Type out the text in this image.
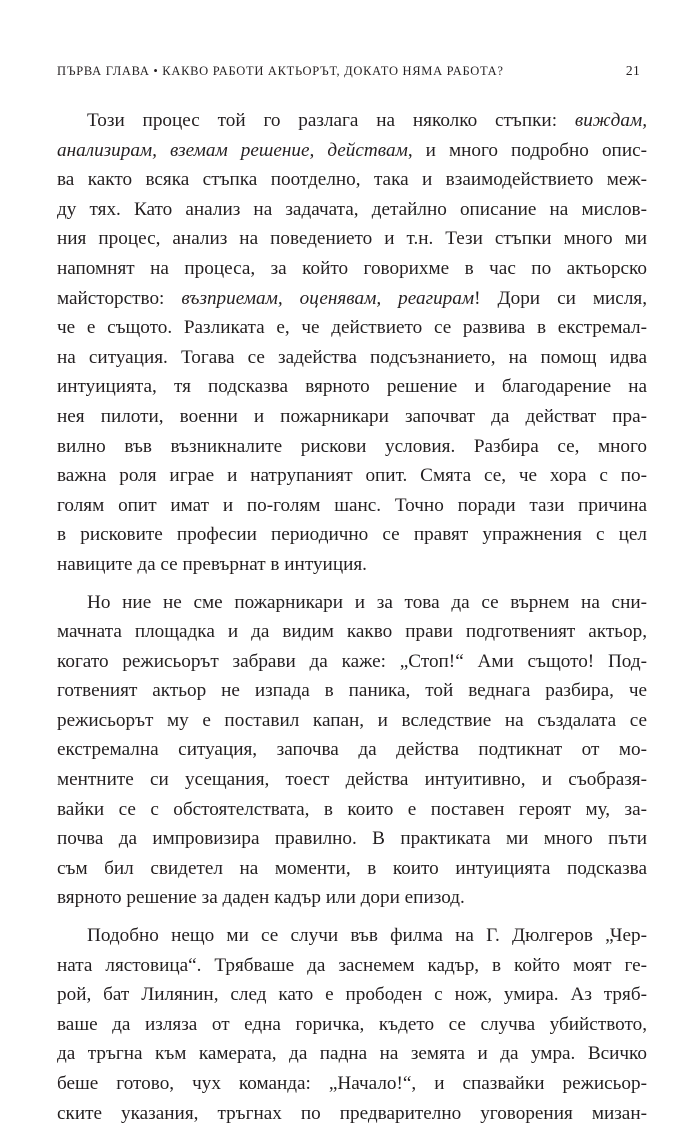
ПЪРВА ГЛАВА • КАКВО РАБОТИ АКТЬОРЪТ, ДОКАТО НЯМА РАБОТА?	21
Този процес той го разлага на няколко стъпки: виждам,
анализирам, вземам решение, действам, и много подробно опис-
ва както всяка стъпка поотделно, така и взаимодействието меж-
ду тях. Като анализ на задачата, детайлно описание на мислов-
ния процес, анализ на поведението и т.н. Тези стъпки много ми
напомнят на процеса, за който говорихме в час по актьорско
майсторство: възприемам, оценявам, реагирам! Дори си мисля,
че е същото. Разликата е, че действието се развива в екстремал-
на ситуация. Тогава се задейства подсъзнанието, на помощ идва
интуицията, тя подсказва вярното решение и благодарение на
нея пилоти, военни и пожарникари започват да действат пра-
вилно във възникналите рискови условия. Разбира се, много
важна роля играе и натрупаният опит. Смята се, че хора с по-
голям опит имат и по-голям шанс. Точно поради тази причина
в рисковите професии периодично се правят упражнения с цел
навиците да се превърнат в интуиция.
Но ние не сме пожарникари и за това да се върнем на сни-
мачната площадка и да видим какво прави подготвеният актьор,
когато режисьорът забрави да каже: „Стоп!“ Ами същото! Под-
готвеният актьор не изпада в паника, той веднага разбира, че
режисьорът му е поставил капан, и вследствие на създалата се
екстремална ситуация, започва да действа подтикнат от мо-
ментните си усещания, тоест действа интуитивно, и съобразя-
вайки се с обстоятелствата, в които е поставен героят му, за-
почва да импровизира правилно. В практиката ми много пъти
съм бил свидетел на моменти, в които интуицията подсказва
вярното решение за даден кадър или дори епизод.
Подобно нещо ми се случи във филма на Г. Дюлгеров „Чер-
ната лястовица“. Трябваше да заснемем кадър, в който моят ге-
рой, бат Лилянин, след като е прободен с нож, умира. Аз тряб-
ваше да изляза от една горичка, където се случва убийството,
да тръгна към камерата, да падна на земята и да умра. Всичко
беше готово, чух команда: „Начало!“, и спазвайки режисьор-
ските указания, тръгнах по предварително уговорения мизан-
